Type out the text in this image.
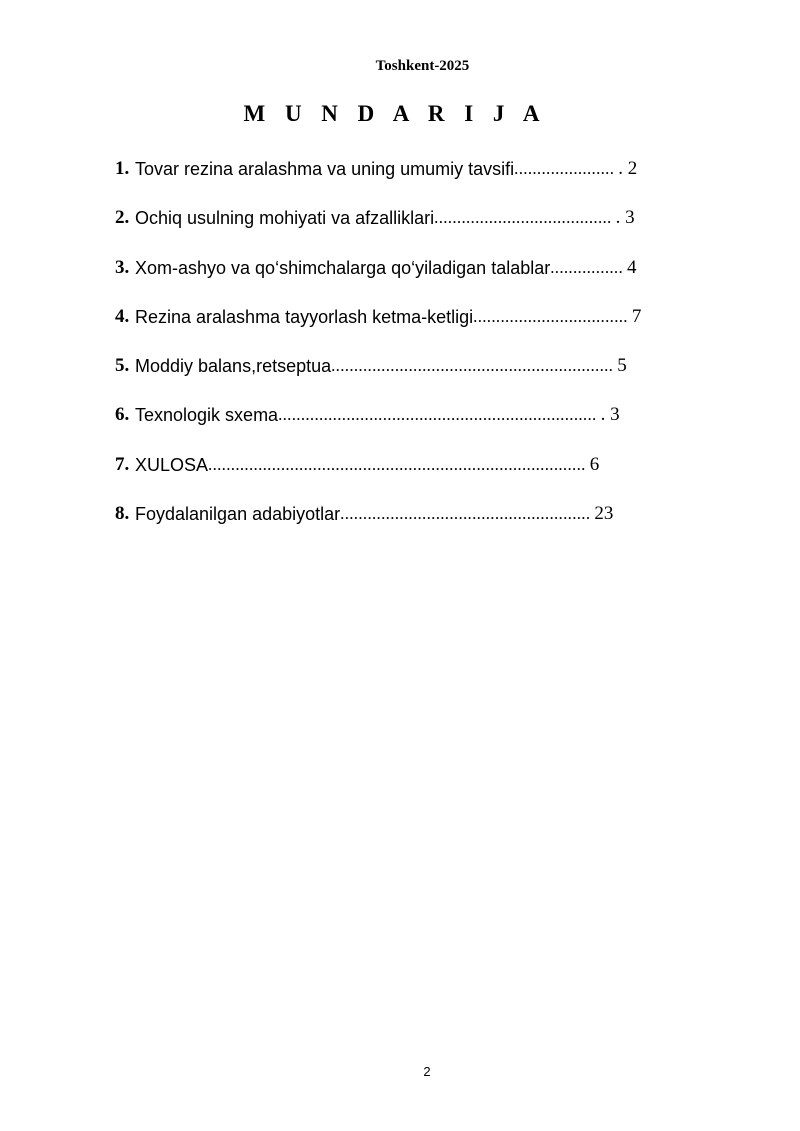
Toshkent-2025
M U N D A R I J A
1. Tovar rezina aralashma va uning umumiy tavsifi ...................... . 2
2. Ochiq usulning mohiyati va afzalliklari ....................................... . 3
3. Xom-ashyo va qo‘shimchalarga qo‘yiladigan talablar ................ 4
4. Rezina aralashma tayyorlash ketma-ketligi .................................. 7
5. Moddiy balans,retseptua .............................................................. 5
6. Texnologik sxema ...................................................................... . 3
7. XULOSA ................................................................................... 6
8. Foydalanilgan adabiyotlar ....................................................... 23
2
